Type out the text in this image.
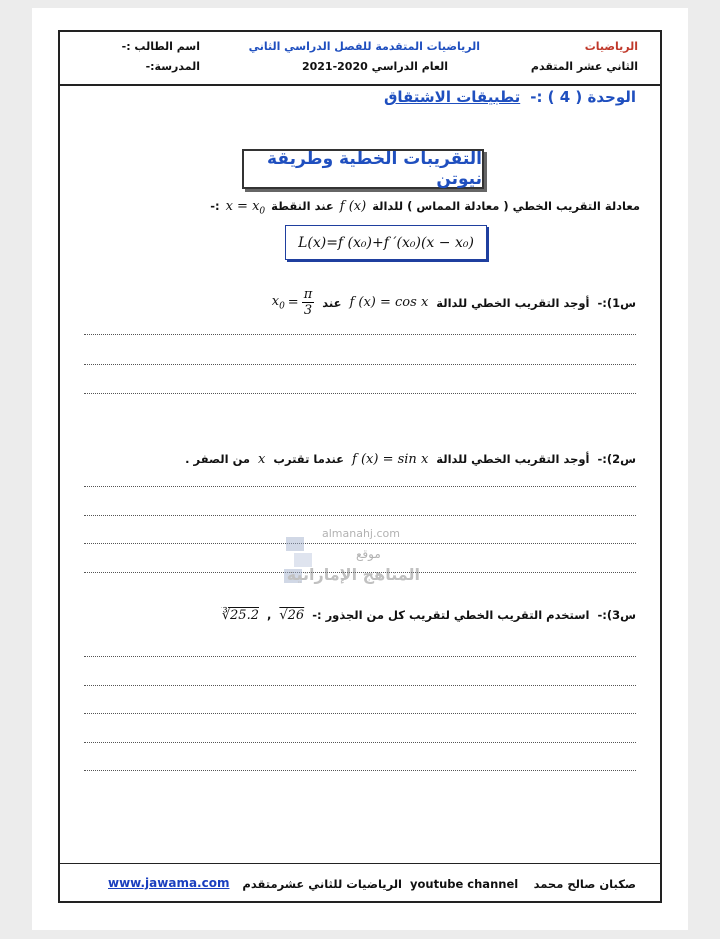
الرياضيات
الثاني عشر المتقدم
الرياضيات المتقدمة للفصل الدراسي الثاني
العام الدراسي 2020-2021
اسم الطالب :-
المدرسة:-
الوحدة ( 4 ) :-
تطبيقات الاشتقاق
التقريبات الخطية وطريقة نيوتن
معادلة التقريب الخطي ( معادلة المماس ) للدالة
f (x)
عند النقطة
$x = x_0$
:-
L(x)=f (x₀)+f ′(x₀)(x − x₀)
س1):-
أوجد التقريب الخطي للدالة
f (x) = cos x
عند
$x_0 = \frac{\pi}{3}$
س2):-
أوجد التقريب الخطي للدالة
f (x) = sin x
عندما تقترب
x
من الصفر .
almanahj.com
موقع
المناهج الإماراتية
س3):-
استخدم التقريب الخطي لتقريب كل من الجذور :-
√26
,
∛25.2
صكبان صالح محمد
youtube channel
الرياضيات للثاني عشرمتقدم
www.jawama.com
